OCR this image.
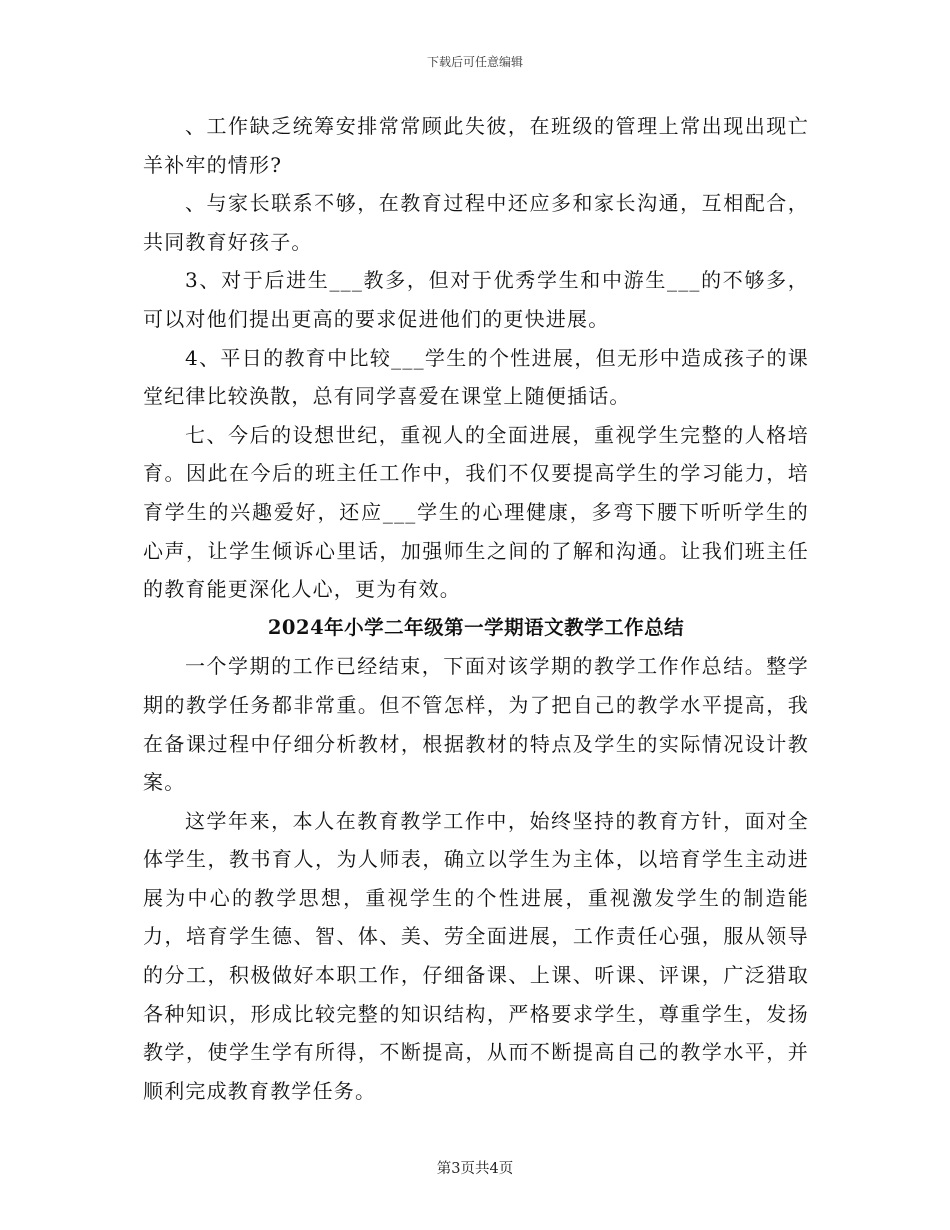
下载后可任意编辑

、工作缺乏统筹安排常常顾此失彼，在班级的管理上常出现出现亡羊补牢的情形?

、与家长联系不够，在教育过程中还应多和家长沟通，互相配合，共同教育好孩子。

3、对于后进生___教多，但对于优秀学生和中游生___的不够多，可以对他们提出更高的要求促进他们的更快进展。

4、平日的教育中比较___学生的个性进展，但无形中造成孩子的课堂纪律比较涣散，总有同学喜爱在课堂上随便插话。

七、今后的设想世纪，重视人的全面进展，重视学生完整的人格培育。因此在今后的班主任工作中，我们不仅要提高学生的学习能力，培育学生的兴趣爱好，还应___学生的心理健康，多弯下腰下听听学生的心声，让学生倾诉心里话，加强师生之间的了解和沟通。让我们班主任的教育能更深化人心，更为有效。

2024年小学二年级第一学期语文教学工作总结

一个学期的工作已经结束，下面对该学期的教学工作作总结。整学期的教学任务都非常重。但不管怎样，为了把自己的教学水平提高，我在备课过程中仔细分析教材，根据教材的特点及学生的实际情况设计教案。

这学年来，本人在教育教学工作中，始终坚持的教育方针，面对全体学生，教书育人，为人师表，确立以学生为主体，以培育学生主动进展为中心的教学思想，重视学生的个性进展，重视激发学生的制造能力，培育学生德、智、体、美、劳全面进展，工作责任心强，服从领导的分工，积极做好本职工作，仔细备课、上课、听课、评课，广泛猎取各种知识，形成比较完整的知识结构，严格要求学生，尊重学生，发扬教学，使学生学有所得，不断提高，从而不断提高自己的教学水平，并顺利完成教育教学任务。

第3页共4页
